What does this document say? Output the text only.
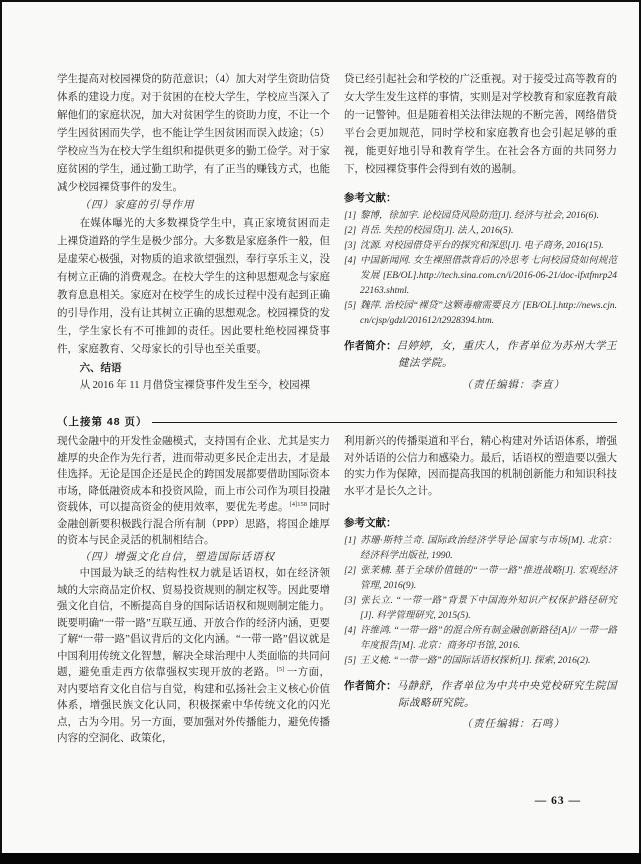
学生提高对校园裸贷的防范意识；（4）加大对学生资助信贷体系的建设力度。对于贫困的在校大学生，学校应当深入了解他们的家庭状况，加大对贫困学生的资助力度，不让一个学生因贫困而失学，也不能让学生因贫困而误入歧途；（5）学校应当为在校大学生组织和提供更多的勤工俭学。对于家庭贫困的学生，通过勤工助学，有了正当的赚钱方式，也能减少校园裸贷事件的发生。

（四）家庭的引导作用

在媒体曝光的大多数裸贷学生中，真正家境贫困而走上裸贷道路的学生是极少部分。大多数是家庭条件一般，但是虚荣心极强，对物质的追求欲望强烈，奉行享乐主义，没有树立正确的消费观念。在校大学生的这种思想观念与家庭教育息息相关。家庭对在校学生的成长过程中没有起到正确的引导作用，没有让其树立正确的思想观念。校园裸贷的发生，学生家长有不可推卸的责任。因此要杜绝校园裸贷事件，家庭教育、父母家长的引导也至关重要。

六、结语

从 2016 年 11 月借贷宝裸贷事件发生至今，校园裸

贷已经引起社会和学校的广泛重视。对于接受过高等教育的女大学生发生这样的事情，实则是对学校教育和家庭教育敲的一记警钟。但是随着相关法律法规的不断完善，网络借贷平台会更加规范，同时学校和家庭教育也会引起足够的重视，能更好地引导和教育学生。在社会各方面的共同努力下，校园裸贷事件会得到有效的遏制。

参考文献：

[1] 黎博，徐加宇. 论校园贷风险防范[J]. 经济与社会, 2016(6).
[2] 肖岳. 失控的校园贷[J]. 法人, 2016(5).
[3] 沈源. 对校园借贷平台的探究和深思[J]. 电子商务, 2016(15).
[4] 中国新闻网. 女生裸照借款背后的冷思考 七问校园贷如何规范发展 [EB/OL].http://tech.sina.com.cn/i/2016-06-21/doc-ifxtfmrp2422163.shtml.
[5] 魏萍. 治校园“裸贷”这颗毒瘤需要良方 [EB/OL].http://news.cjn.cn/cjsp/gdzl/201612/t2928394.htm.

作者简介：吕婷婷，女，重庆人，作者单位为苏州大学王健法学院。

（责任编辑：李直）

（上接第 48 页）

现代金融中的开发性金融模式，支持国有企业、尤其是实力雄厚的央企作为先行者，进而带动更多民企走出去，才是最佳选择。无论是国企还是民企的跨国发展都要借助国际资本市场，降低融资成本和投资风险，而上市公司作为项目投融资载体，可以提高资金的使用效率，要优先考虑。$^{[4]158}$ 同时金融创新要积极践行混合所有制（PPP）思路，将国企雄厚的资本与民企灵活的机制相结合。

（四）增强文化自信，塑造国际话语权

中国最为缺乏的结构性权力就是话语权，如在经济领域的大宗商品定价权、贸易投资规则的制定权等。因此要增强文化自信，不断提高自身的国际话语权和规则制定能力。既要明确“一带一路”互联互通、开放合作的经济内涵，更要了解“一带一路”倡议背后的文化内涵。“一带一路”倡议就是中国利用传统文化智慧，解决全球治理中人类面临的共同问题，避免重走西方依靠强权实现开放的老路。[5] 一方面，对内要培育文化自信与自觉，构建和弘扬社会主义核心价值体系，增强民族文化认同，积极探索中华传统文化的闪光点，古为今用。另一方面，要加强对外传播能力，避免传播内容的空洞化、政策化，

利用新兴的传播渠道和平台，精心构建对外话语体系，增强对外话语的公信力和感染力。最后，话语权的塑造要以强大的实力作为保障，因而提高我国的机制创新能力和知识科技水平才是长久之计。

参考文献：

[1] 苏珊·斯特兰奇. 国际政治经济学导论·国家与市场[M]. 北京：经济科学出版社, 1990.
[2] 张茉楠. 基于全球价值链的“一带一路”推进战略[J]. 宏观经济管理, 2016(9).
[3] 张长立. “一带一路”背景下中国海外知识产权保护路径研究[J]. 科学管理研究, 2015(5).
[4] 许维鸿. “一带一路”的混合所有制金融创新路径[A]// 一带一路年度报告[M]. 北京：商务印书馆, 2016.
[5] 王义桅. “一带一路”的国际话语权探析[J]. 探索, 2016(2).

作者简介：马静舒，作者单位为中共中央党校研究生院国际战略研究院。

（责任编辑：石鸣）

— 63 —
